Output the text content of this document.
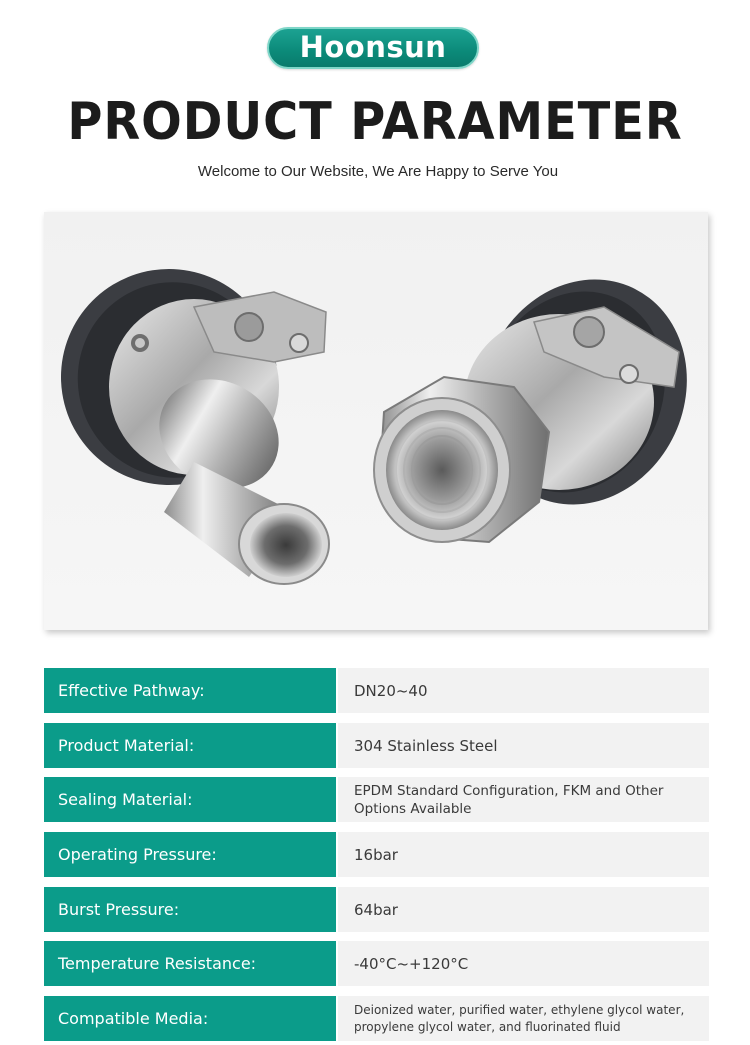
Hoonsun
PRODUCT PARAMETER
Welcome to Our Website, We Are Happy to Serve You
Effective Pathway:	DN20~40
Product Material:	304 Stainless Steel
Sealing Material:	EPDM Standard Configuration, FKM and Other Options Available
Operating Pressure:	16bar
Burst Pressure:	64bar
Temperature Resistance:	-40°C~+120°C
Compatible Media:	Deionized water, purified water, ethylene glycol water, propylene glycol water, and fluorinated fluid
